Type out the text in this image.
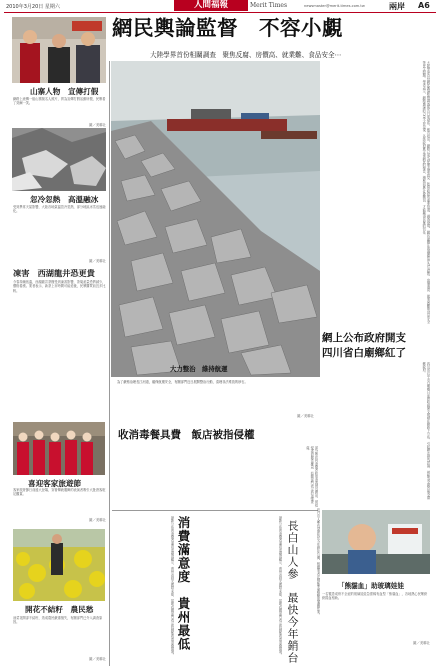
2010年3月20日 星期六	人間福報	Merit Times	newsmaster@merit-times.com.tw	兩岸 A6
網民輿論監督　不容小覷
大陸學界首份相關調查　聚焦反腐、房價高、就業難、食品安全⋯
山寨人物　宣傳打假
網路上流傳一組山寨版名人照片，實為宣傳打假活動所製，民眾看了莞爾一笑。
圖／美聯社
忽冷忽熱　高溫融冰
受到異常天氣影響，大陸各地氣溫忽冷忽熱，部分地區冰雪迅速融化。
圖／美聯社
凍害　西湖龍井恐更貴
今春持續低溫，西湖龍井茶樹受到凍害影響，茶葉產量恐將減少，價格看漲。業者表示，新茶上市時間可能延後，民眾購買前宜多比較。
喜迎客家旅遊節
客家旅遊節日前盛大登場，穿著傳統服飾的表演者吸引大批遊客駐足觀賞。
圖／美聯社
開花不結籽　農民愁
油菜花開卻不結籽，造成農民嚴重損失，有關部門已介入調查原因。
圖／美聯社
大力整治　維持航運
為了嚴格治理長江河道，確保航運安全，有關部門近日展開整治行動，清理非法堆放的砂石。
圖／美聯社
大陸學界首份網民輿論監督調查報告日前發布，報告指出，網路已成為民眾表達意見、監督政府的重要管道。調查發現，網民最關注的議題依序為反腐敗、房價過高、就業困難與食品安全等民生問題。學者表示，網路輿論的力量不容忽視，各級政府應正視網民的聲音，積極回應社會關切，才能贏得民眾的信任。
網上公布政府開支
四川省白廟鄉紅了
四川省巴中市白廟鄉日前將政府開支明細在網路上公布，引起網友熱烈討論，被稱為全國首個全裸鄉政府。
收消毒餐具費　飯店被指侵權
部分飯店向消費者收取消毒餐具費用，被指侵害消費者權益，有關部門表示將加強查處。
最新公布的消費者滿意度調查顯示，貴州省排名敬陪末座，當地有關部門表示將積極改善消費環境。 消費滿意度　貴州最低	最新公布的消費者滿意度調查顯示，貴州省排名敬陪末座，當地有關部門表示將積極改善消費環境。 長白山人參　最快今年銷台	長白山人參有望最快於今年銷往台灣，相關業者正積極準備檢驗與通關作業。	「熊貓血」助玻璃娃娃
一名罹患成骨不全症的玻璃娃娃急需稀有血型「熊貓血」，各地熱心民眾紛紛捐血相助。
圖／美聯社
